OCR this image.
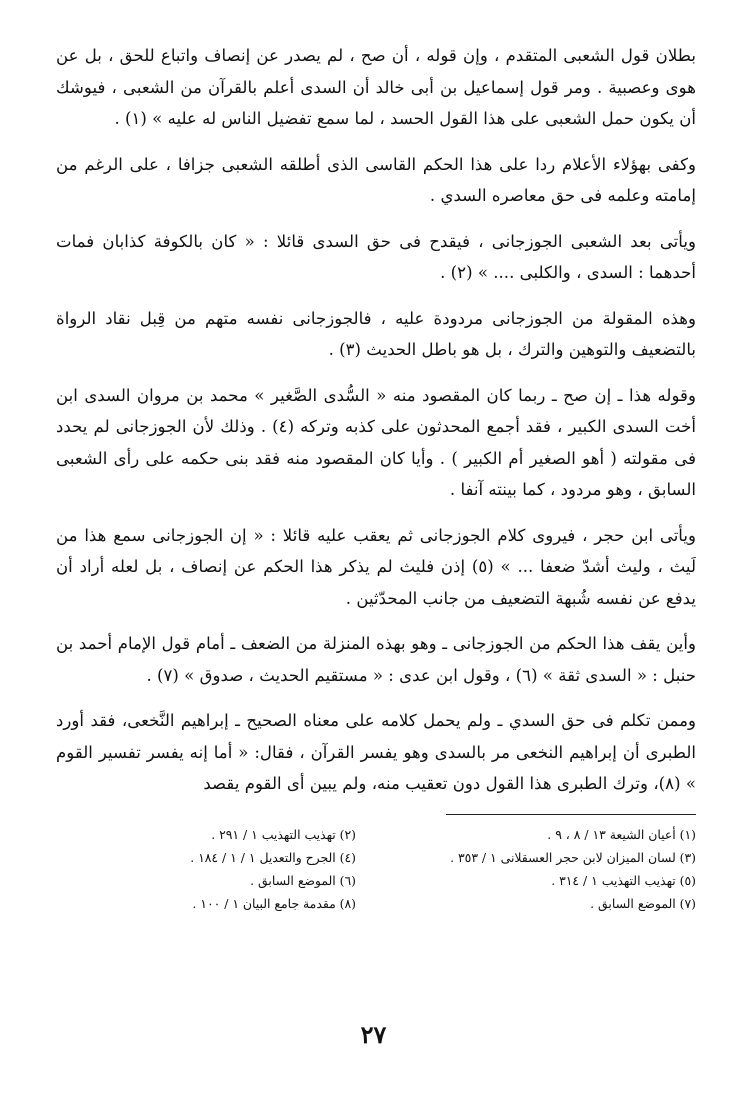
بطلان قول الشعبى المتقدم ، وإن قوله ، أن صح ، لم يصدر عن إنصاف واتباع للحق ، بل عن هوى وعصبية . ومر قول إسماعيل بن أبى خالد أن السدى أعلم بالقرآن من الشعبى ، فيوشك أن يكون حمل الشعبى على هذا القول الحسد ، لما سمع تفضيل الناس له عليه » (١) .

وكفى بهؤلاء الأعلام ردا على هذا الحكم القاسى الذى أطلقه الشعبى جزافا ، على الرغم من إمامته وعلمه فى حق معاصره السدي .

ويأتى بعد الشعبى الجوزجانى ، فيقدح فى حق السدى قائلا : « كان بالكوفة كذابان فمات أحدهما : السدى ، والكلبى .... » (٢) .

وهذه المقولة من الجوزجانى مردودة عليه ، فالجوزجانى نفسه متهم من قِبل نقاد الرواة بالتضعيف والتوهين والترك ، بل هو باطل الحديث (٣) .

وقوله هذا ـ إن صح ـ ربما كان المقصود منه « السُّدى الصَّغير » محمد بن مروان السدى ابن أخت السدى الكبير ، فقد أجمع المحدثون على كذبه وتركه (٤) . وذلك لأن الجوزجانى لم يحدد فى مقولته ( أهو الصغير أم الكبير ) . وأيا كان المقصود منه فقد بنى حكمه على رأى الشعبى السابق ، وهو مردود ، كما بينته آنفا .

ويأتى ابن حجر ، فيروى كلام الجوزجانى ثم يعقب عليه قائلا : « إن الجوزجانى سمع هذا من لَيث ، وليث أشدّ ضعفا ... » (٥) إذن فليث لم يذكر هذا الحكم عن إنصاف ، بل لعله أراد أن يدفع عن نفسه شُبهة التضعيف من جانب المحدّثين .

وأين يقف هذا الحكم من الجوزجانى ـ وهو بهذه المنزلة من الضعف ـ أمام قول الإمام أحمد بن حنبل : « السدى ثقة » (٦) ، وقول ابن عدى : « مستقيم الحديث ، صدوق » (٧) .

وممن تكلم فى حق السدي ـ ولم يحمل كلامه على معناه الصحيح ـ إبراهيم النَّخعى، فقد أورد الطبرى أن إبراهيم النخعى مر بالسدى وهو يفسر القرآن ، فقال: « أما إنه يفسر تفسير القوم » (٨)، وترك الطبرى هذا القول دون تعقيب منه، ولم يبين أى القوم يقصد

(١) أعيان الشيعة ١٣ / ٨ ، ٩ .
(٢) تهذيب التهذيب ١ / ٢٩١ .
(٣) لسان الميزان لابن حجر العسقلانى ١ / ٣٥٣ .
(٤) الجرح والتعديل ١ / ١ / ١٨٤ .
(٥) تهذيب التهذيب ١ / ٣١٤ .
(٦) الموضع السابق .
(٧) الموضع السابق .
(٨) مقدمة جامع البيان ١ / ١٠٠ .
٢٧
